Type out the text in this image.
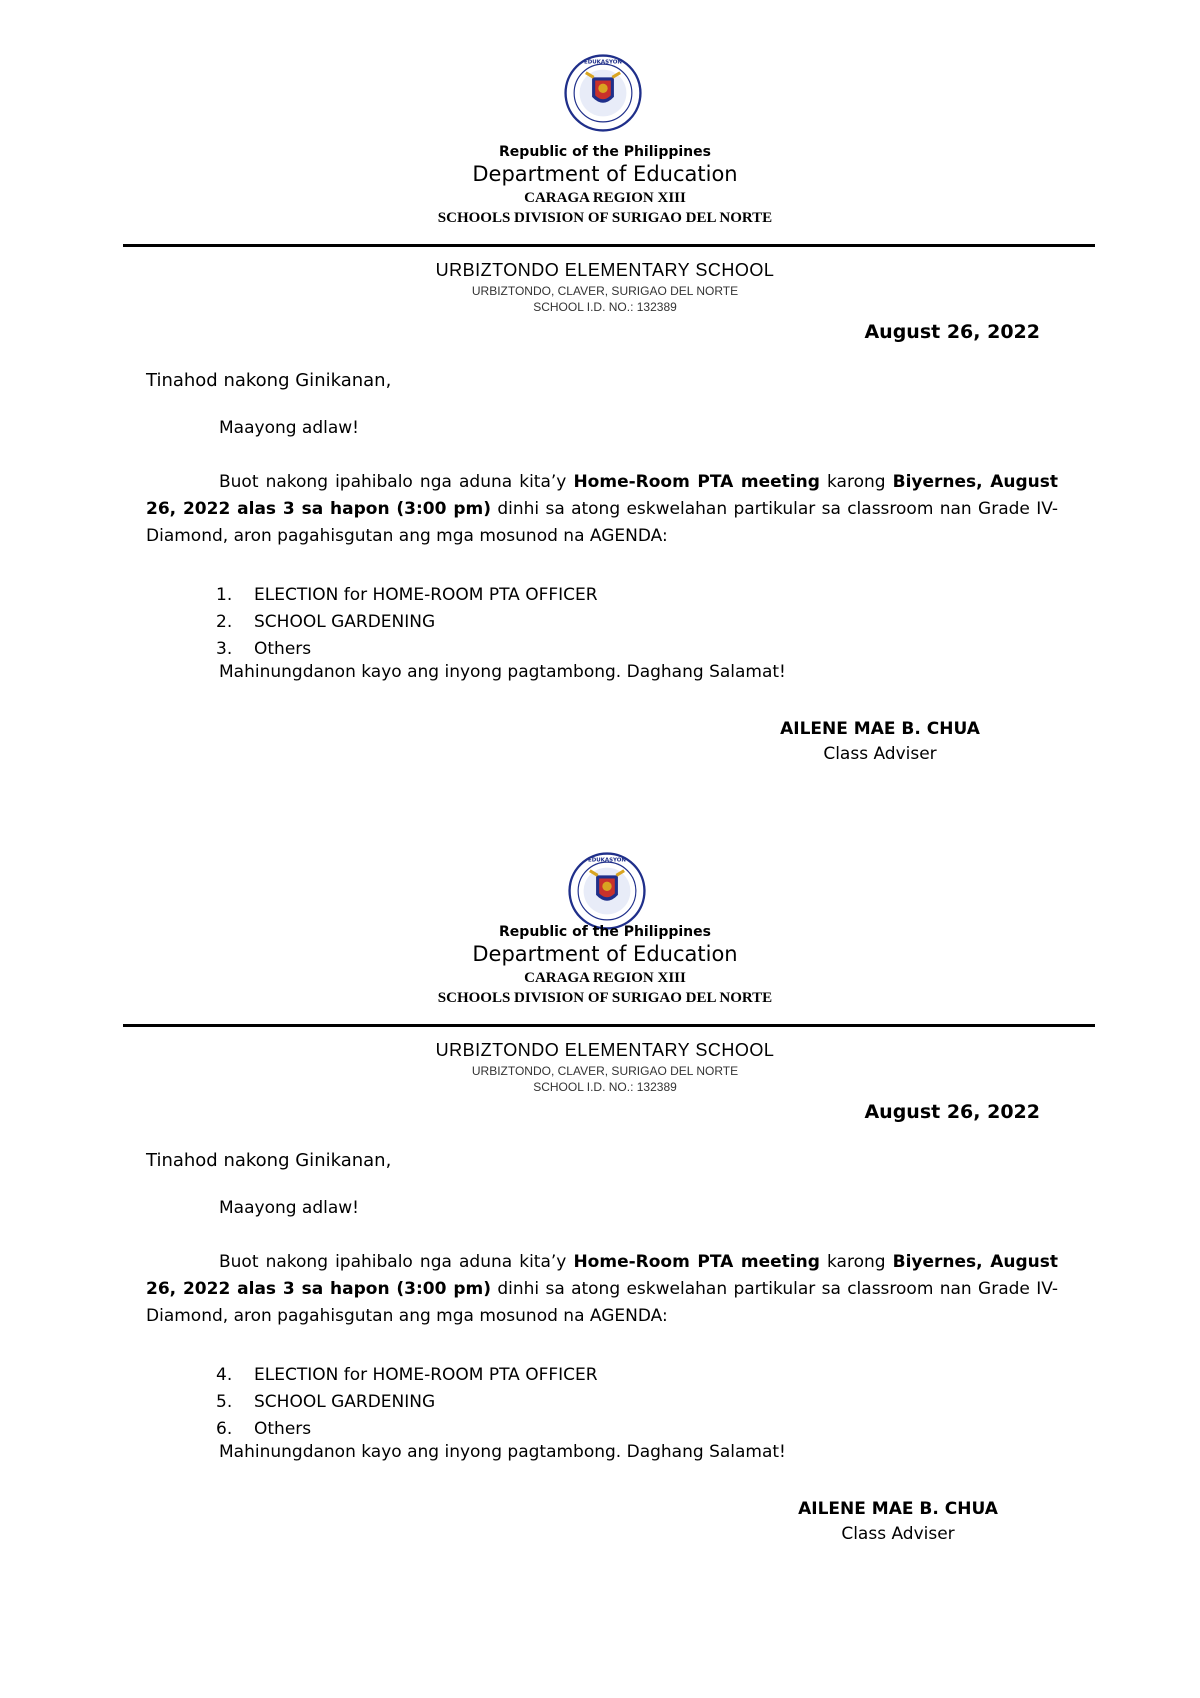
EDUKASYON
Republic of the Philippines
Department of Education
CARAGA REGION XIII
SCHOOLS DIVISION OF SURIGAO DEL NORTE
URBIZTONDO ELEMENTARY SCHOOL
URBIZTONDO, CLAVER, SURIGAO DEL NORTE
SCHOOL I.D. NO.: 132389
August 26, 2022
Tinahod nakong Ginikanan,
Maayong adlaw!
Buot nakong ipahibalo nga aduna kita’y Home-Room PTA meeting karong Biyernes, August 26, 2022 alas 3 sa hapon (3:00 pm) dinhi sa atong eskwelahan partikular sa classroom nan Grade IV-Diamond, aron pagahisgutan ang mga mosunod na AGENDA:
1. ELECTION for HOME-ROOM PTA OFFICER
2. SCHOOL GARDENING
3. Others
Mahinungdanon kayo ang inyong pagtambong. Daghang Salamat!
AILENE MAE B. CHUA
Class Adviser
EDUKASYON
Republic of the Philippines
Department of Education
CARAGA REGION XIII
SCHOOLS DIVISION OF SURIGAO DEL NORTE
URBIZTONDO ELEMENTARY SCHOOL
URBIZTONDO, CLAVER, SURIGAO DEL NORTE
SCHOOL I.D. NO.: 132389
August 26, 2022
Tinahod nakong Ginikanan,
Maayong adlaw!
Buot nakong ipahibalo nga aduna kita’y Home-Room PTA meeting karong Biyernes, August 26, 2022 alas 3 sa hapon (3:00 pm) dinhi sa atong eskwelahan partikular sa classroom nan Grade IV-Diamond, aron pagahisgutan ang mga mosunod na AGENDA:
4. ELECTION for HOME-ROOM PTA OFFICER
5. SCHOOL GARDENING
6. Others
Mahinungdanon kayo ang inyong pagtambong. Daghang Salamat!
AILENE MAE B. CHUA
Class Adviser
